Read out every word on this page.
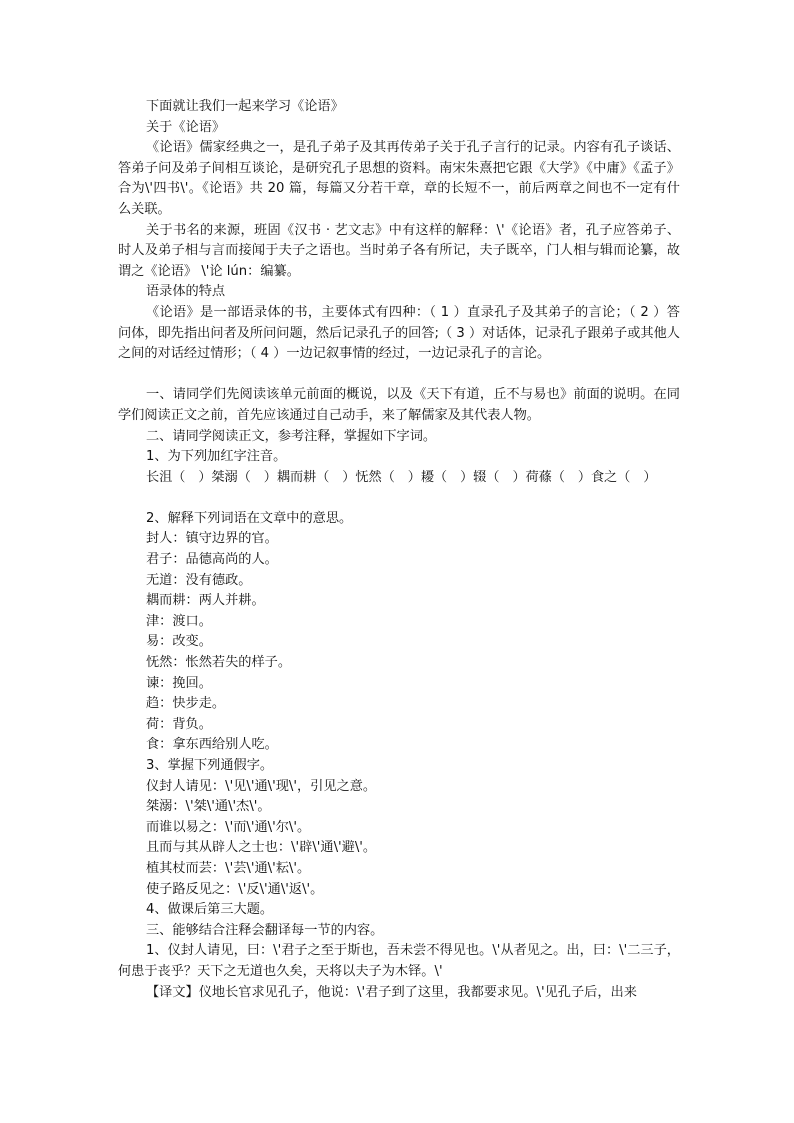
下面就让我们一起来学习《论语》

关于《论语》

《论语》儒家经典之一，是孔子弟子及其再传弟子关于孔子言行的记录。内容有孔子谈话、答弟子问及弟子间相互谈论，是研究孔子思想的资料。南宋朱熹把它跟《大学》《中庸》《孟子》合为\'四书\'。《论语》共 20 篇，每篇又分若干章，章的长短不一，前后两章之间也不一定有什么关联。

关于书名的来源，班固《汉书 · 艺文志》中有这样的解释：\'《论语》者，孔子应答弟子、时人及弟子相与言而接闻于夫子之语也。当时弟子各有所记，夫子既卒，门人相与辑而论纂，故谓之《论语》 \'论 lún：编纂。

语录体的特点

《论语》是一部语录体的书，主要体式有四种：（ 1 ）直录孔子及其弟子的言论；（ 2 ）答问体，即先指出问者及所问问题，然后记录孔子的回答;（ 3 ）对话体，记录孔子跟弟子或其他人之间的对话经过情形；（ 4 ）一边记叙事情的经过，一边记录孔子的言论。

一、请同学们先阅读该单元前面的概说，以及《天下有道，丘不与易也》前面的说明。在同学们阅读正文之前，首先应该通过自己动手，来了解儒家及其代表人物。

二、请同学阅读正文，参考注释，掌握如下字词。

1、为下列加红字注音。

长沮（　）桀溺（　）耦而耕（　）怃然（　）耰（　）辍（　）荷蓧（　）食之（　）

2、解释下列词语在文章中的意思。

封人：镇守边界的官。

君子：品德高尚的人。

无道：没有德政。

耦而耕：两人并耕。

津：渡口。

易：改变。

怃然：怅然若失的样子。

谏：挽回。

趋：快步走。

荷：背负。

食：拿东西给别人吃。

3、掌握下列通假字。

仪封人请见：\'见\'通\'现\'，引见之意。

桀溺：\'桀\'通\'杰\'。

而谁以易之：\'而\'通\'尔\'。

且而与其从辟人之士也：\'辟\'通\'避\'。

植其杖而芸：\'芸\'通\'耘\'。

使子路反见之：\'反\'通\'返\'。

4、做课后第三大题。

三、能够结合注释会翻译每一节的内容。

1、仪封人请见，曰：\'君子之至于斯也，吾未尝不得见也。\'从者见之。出，曰：\'二三子，何患于丧乎？天下之无道也久矣，天将以夫子为木铎。\'

【译文】仪地长官求见孔子，他说：\'君子到了这里，我都要求见。\'见孔子后，出来
